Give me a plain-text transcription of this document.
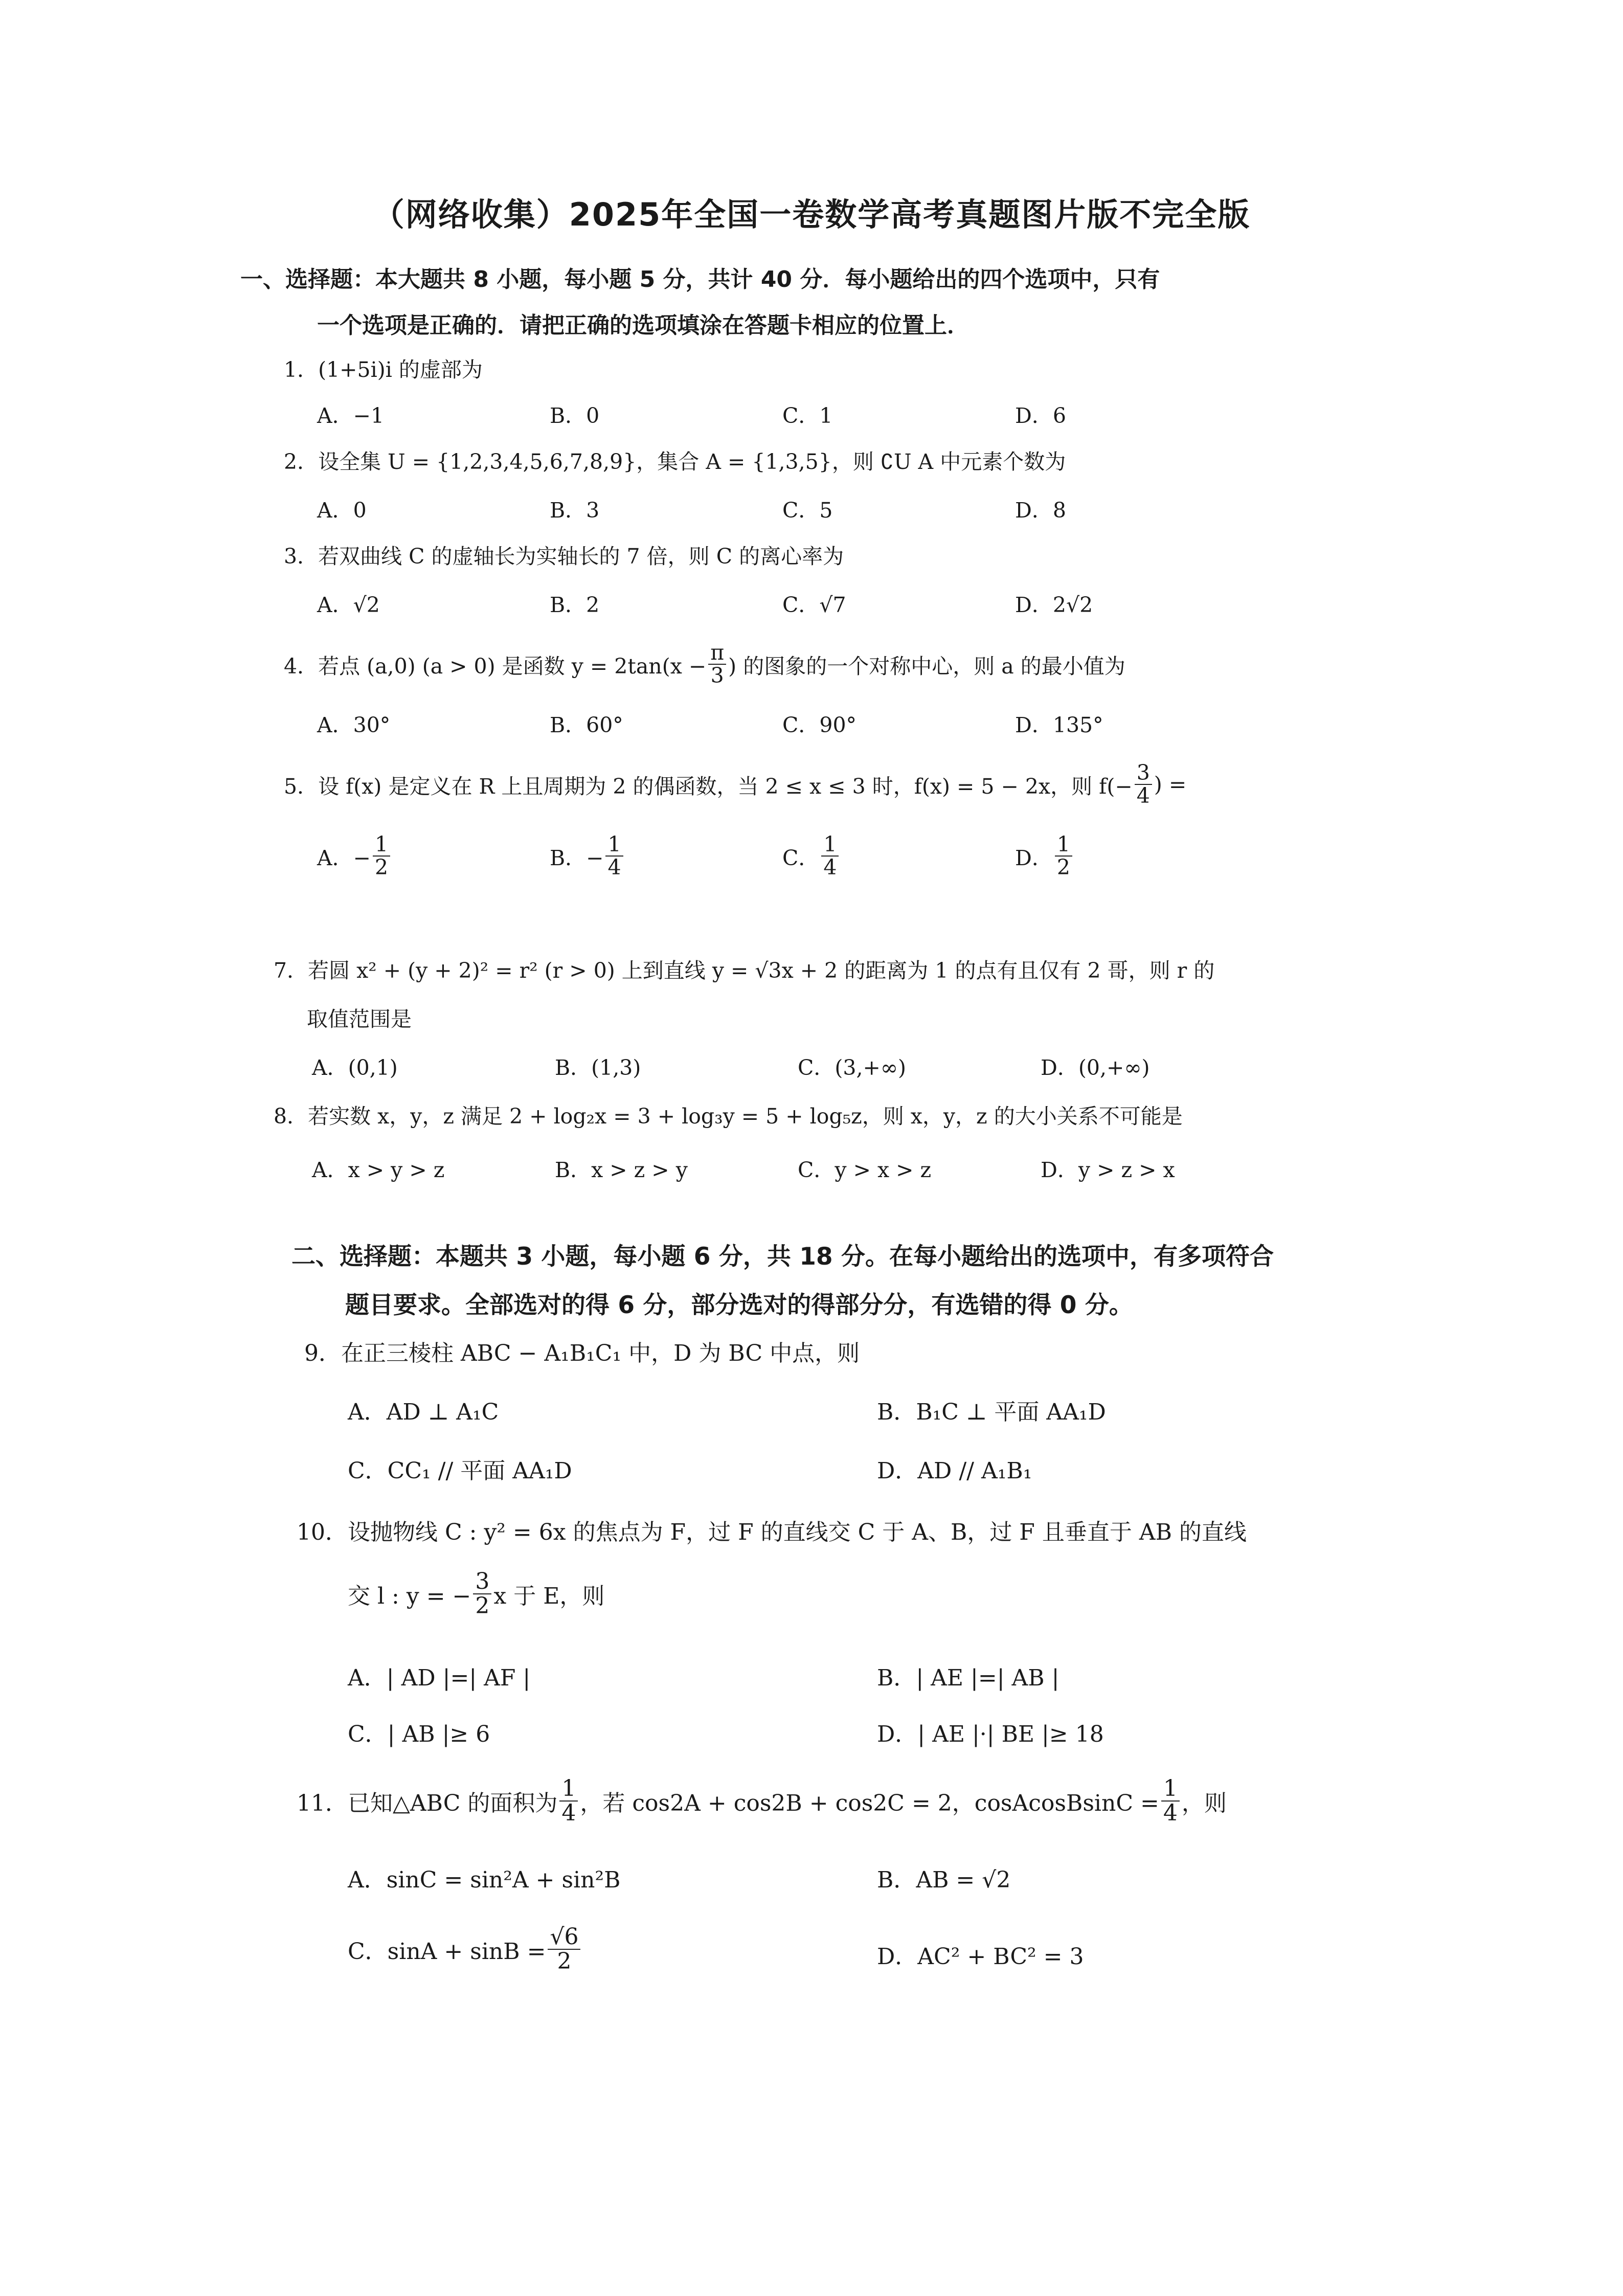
（网络收集）2025年全国一卷数学高考真题图片版不完全版
一、选择题：本大题共 8 小题，每小题 5 分，共计 40 分．每小题给出的四个选项中，只有
一个选项是正确的．请把正确的选项填涂在答题卡相应的位置上．
1．(1+5i)i 的虚部为
A．−1	B．0	C．1	D．6
2．设全集 U = {1,2,3,4,5,6,7,8,9}，集合 A = {1,3,5}，则 ∁U A 中元素个数为
A．0	B．3	C．5	D．8
3．若双曲线 C 的虚轴长为实轴长的 7 倍，则 C 的离心率为
A．√2	B．2	C．√7	D．2√2
4．若点 (a,0) (a > 0) 是函数 $y = 2\tan(x - \frac{\pi}{3}$ ) 的图象的一个对称中心，则 a 的最小值为
A．30°	B．60°	C．90°	D．135°
5．设 f(x) 是定义在 R 上且周期为 2 的偶函数，当 2 ≤ x ≤ 3 时，f(x) = 5 − 2x，则 $f(- \frac{3}{4}$ ) =
A．− $\frac{1}{2}$	B．− $\frac{1}{4}$	C． $\frac{1}{4}$	D． $\frac{1}{2}$
7．若圆 x² + (y + 2)² = r² (r > 0) 上到直线 y = √3x + 2 的距离为 1 的点有且仅有 2 哥，则 r 的
取值范围是
A．(0,1)	B．(1,3)	C．(3,+∞)	D．(0,+∞)
8．若实数 x，y，z 满足 2 + log₂x = 3 + log₃y = 5 + log₅z，则 x，y，z 的大小关系不可能是
A．x > y > z	B．x > z > y	C．y > x > z	D．y > z > x
二、选择题：本题共 3 小题，每小题 6 分，共 18 分。在每小题给出的选项中，有多项符合
题目要求。全部选对的得 6 分，部分选对的得部分分，有选错的得 0 分。
9．在正三棱柱 ABC − A₁B₁C₁ 中，D 为 BC 中点，则
A．AD ⊥ A₁C	B．B₁C ⊥ 平面 AA₁D
C．CC₁ // 平面 AA₁D	D．AD // A₁B₁
10．设抛物线 C : y² = 6x 的焦点为 F，过 F 的直线交 C 于 A、B，过 F 且垂直于 AB 的直线
交 l : y = − $\frac{3}{2}$ x 于 E，则
A．| AD |=| AF |	B．| AE |=| AB |
C．| AB |≥ 6	D．| AE |·| BE |≥ 18
11．已知△ABC 的面积为 $\frac{1}{4}$ ，若 cos2A + cos2B + cos2C = 2，cosAcosBsinC = $\frac{1}{4}$ ，则
A．sinC = sin²A + sin²B	B．AB = √2
C．$\sin A + \sin B = \frac{√6}{2}$	D．AC² + BC² = 3
